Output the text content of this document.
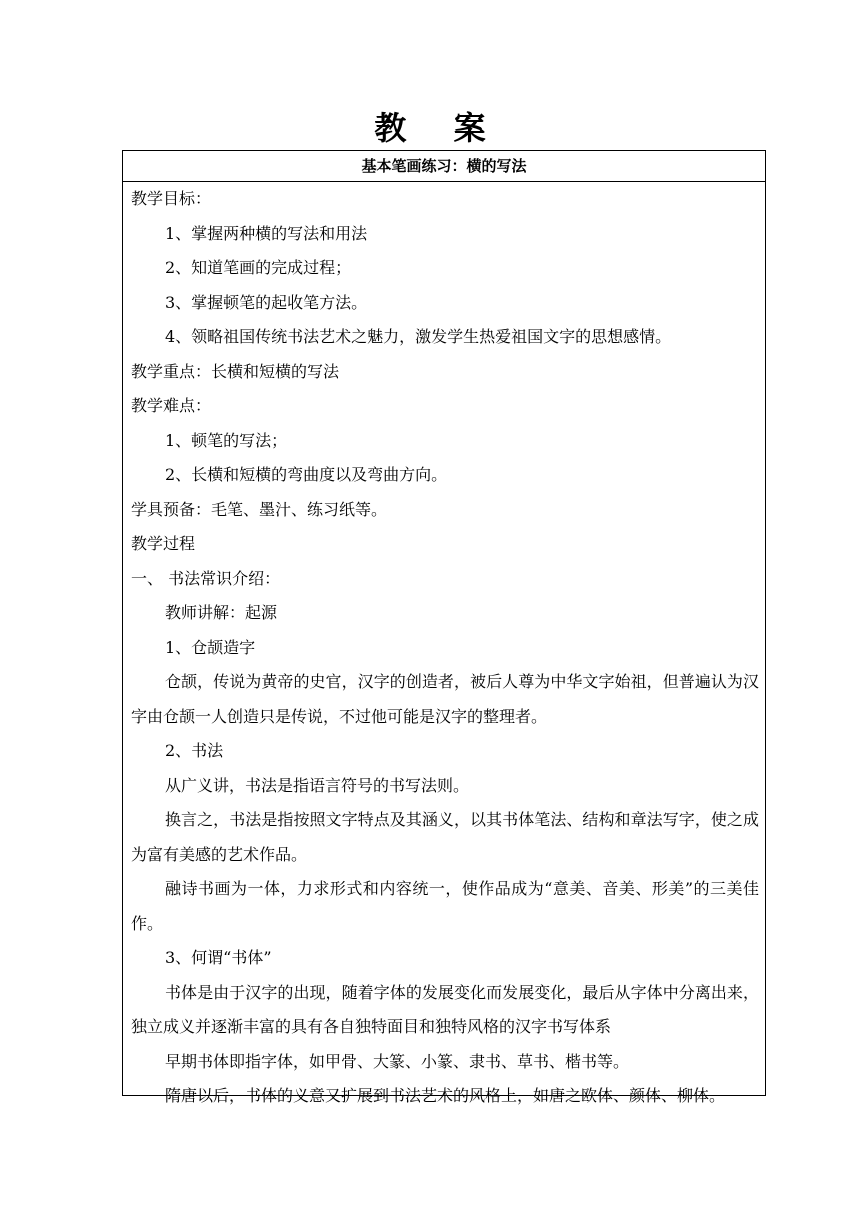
教 案
基本笔画练习：横的写法
教学目标：
1、掌握两种横的写法和用法
2、知道笔画的完成过程；
3、掌握顿笔的起收笔方法。
4、领略祖国传统书法艺术之魅力，激发学生热爱祖国文字的思想感情。
教学重点：长横和短横的写法
教学难点：
1、顿笔的写法；
2、长横和短横的弯曲度以及弯曲方向。
学具预备：毛笔、墨汁、练习纸等。
教学过程
一、 书法常识介绍：
教师讲解：起源
1、仓颉造字
仓颉，传说为黄帝的史官，汉字的创造者，被后人尊为中华文字始祖，但普遍认为汉字由仓颉一人创造只是传说，不过他可能是汉字的整理者。
2、书法
从广义讲，书法是指语言符号的书写法则。
换言之，书法是指按照文字特点及其涵义，以其书体笔法、结构和章法写字，使之成为富有美感的艺术作品。
融诗书画为一体，力求形式和内容统一，使作品成为“意美、音美、形美”的三美佳作。
3、何谓“书体”
书体是由于汉字的出现，随着字体的发展变化而发展变化，最后从字体中分离出来，独立成义并逐渐丰富的具有各自独特面目和独特风格的汉字书写体系
早期书体即指字体，如甲骨、大篆、小篆、隶书、草书、楷书等。
隋唐以后，书体的义意又扩展到书法艺术的风格上，如唐之欧体、颜体、柳体。
